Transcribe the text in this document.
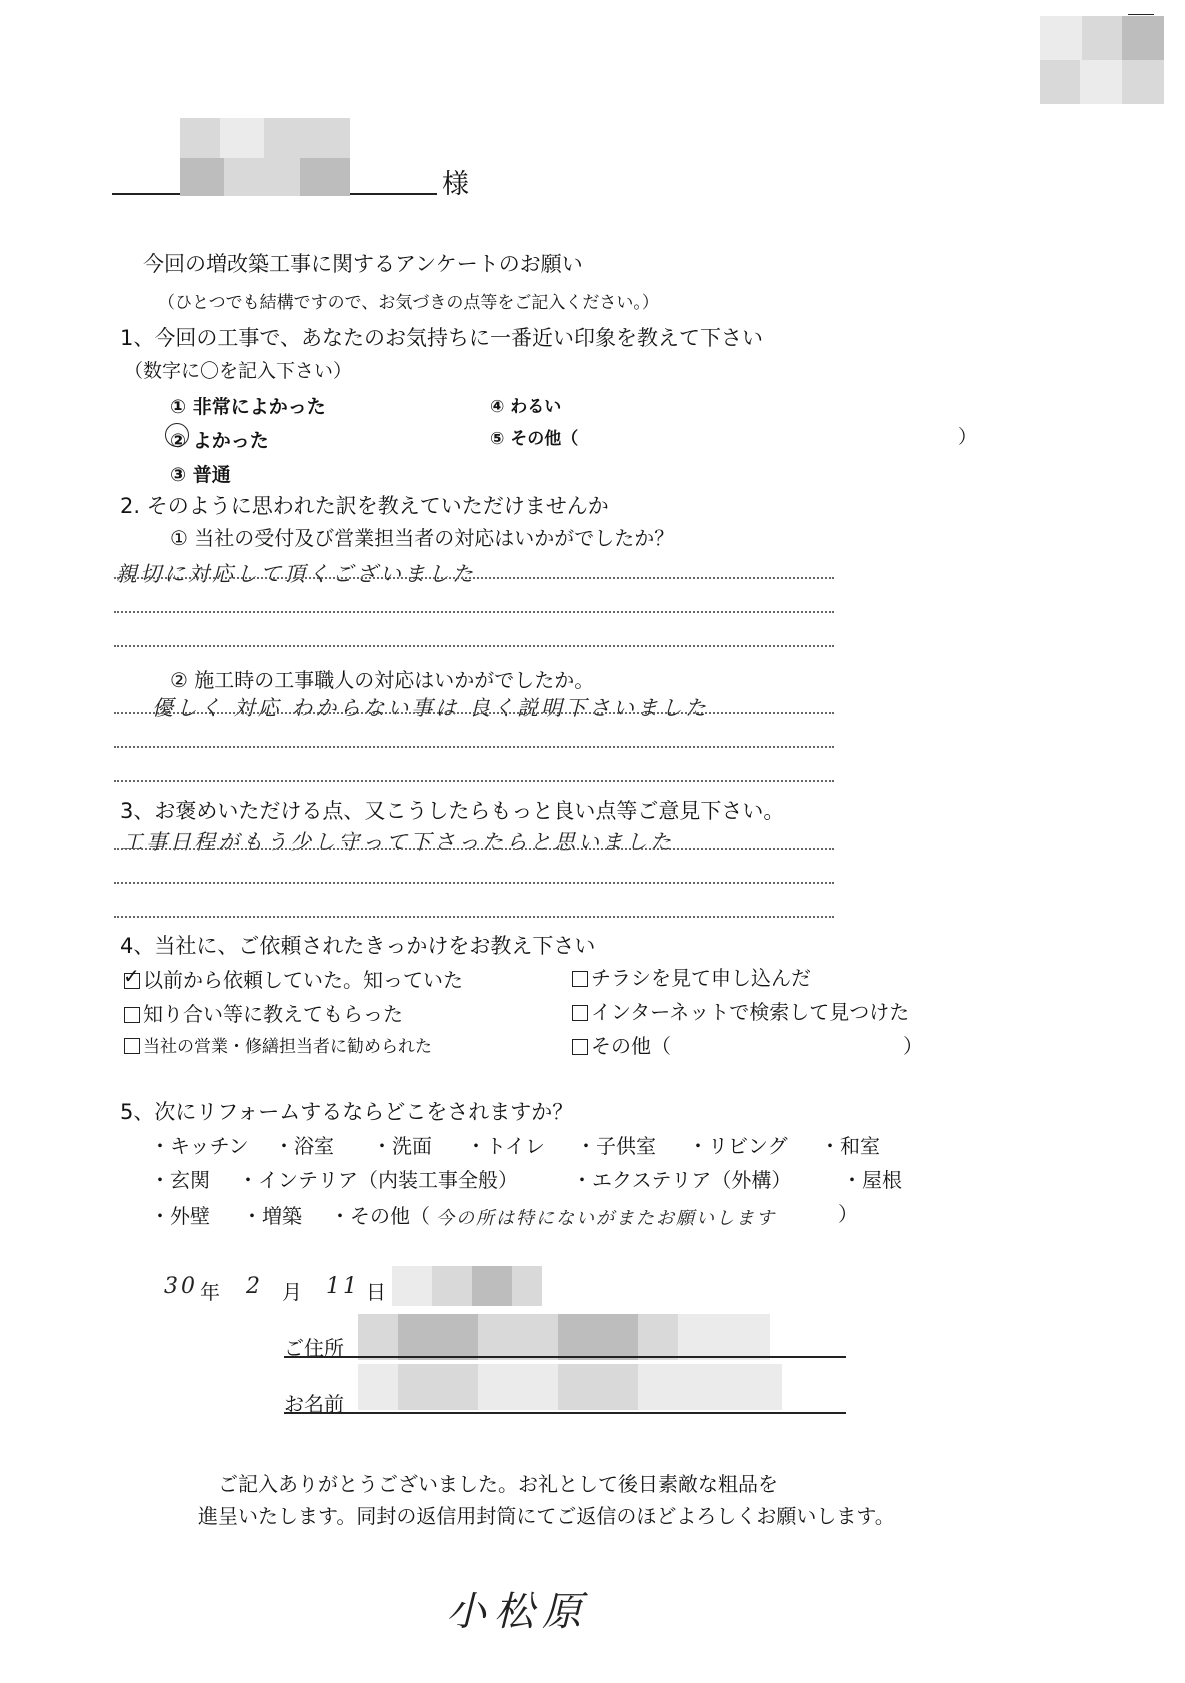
様
今回の増改築工事に関するアンケートのお願い
（ひとつでも結構ですので、お気づきの点等をご記入ください。）
1、今回の工事で、あなたのお気持ちに一番近い印象を教えて下さい
（数字に〇を記入下さい）
① 非常によかった
② よかった
③ 普通
④ わるい
⑤ その他（	）
2. そのように思われた訳を教えていただけませんか
① 当社の受付及び営業担当者の対応はいかがでしたか？
親切に対応して頂くございました
② 施工時の工事職人の対応はいかがでしたか。
優しく 対応 わからない事は 良く説明下さいました
3、お褒めいただける点、又こうしたらもっと良い点等ご意見下さい。
工事日程がもう少し守って下さったらと思いました
4、当社に、ご依頼されたきっかけをお教え下さい
✓ 以前から依頼していた。知っていた	チラシを見て申し込んだ
知り合い等に教えてもらった	インターネットで検索して見つけた
当社の営業・修繕担当者に勧められた	その他（	）
5、次にリフォームするならどこをされますか？
・キッチン ・浴室 ・洗面 ・トイレ ・子供室 ・リビング ・和室
・玄関 ・インテリア（内装工事全般）	・エクステリア（外構）	・屋根
・外壁 ・増築 ・その他（ 今の所は特にないがまたお願いします	）
30 年 2 月 11 日
ご住所
お名前
ご記入ありがとうございました。お礼として後日素敵な粗品を
進呈いたします。同封の返信用封筒にてご返信のほどよろしくお願いします。
小松原
